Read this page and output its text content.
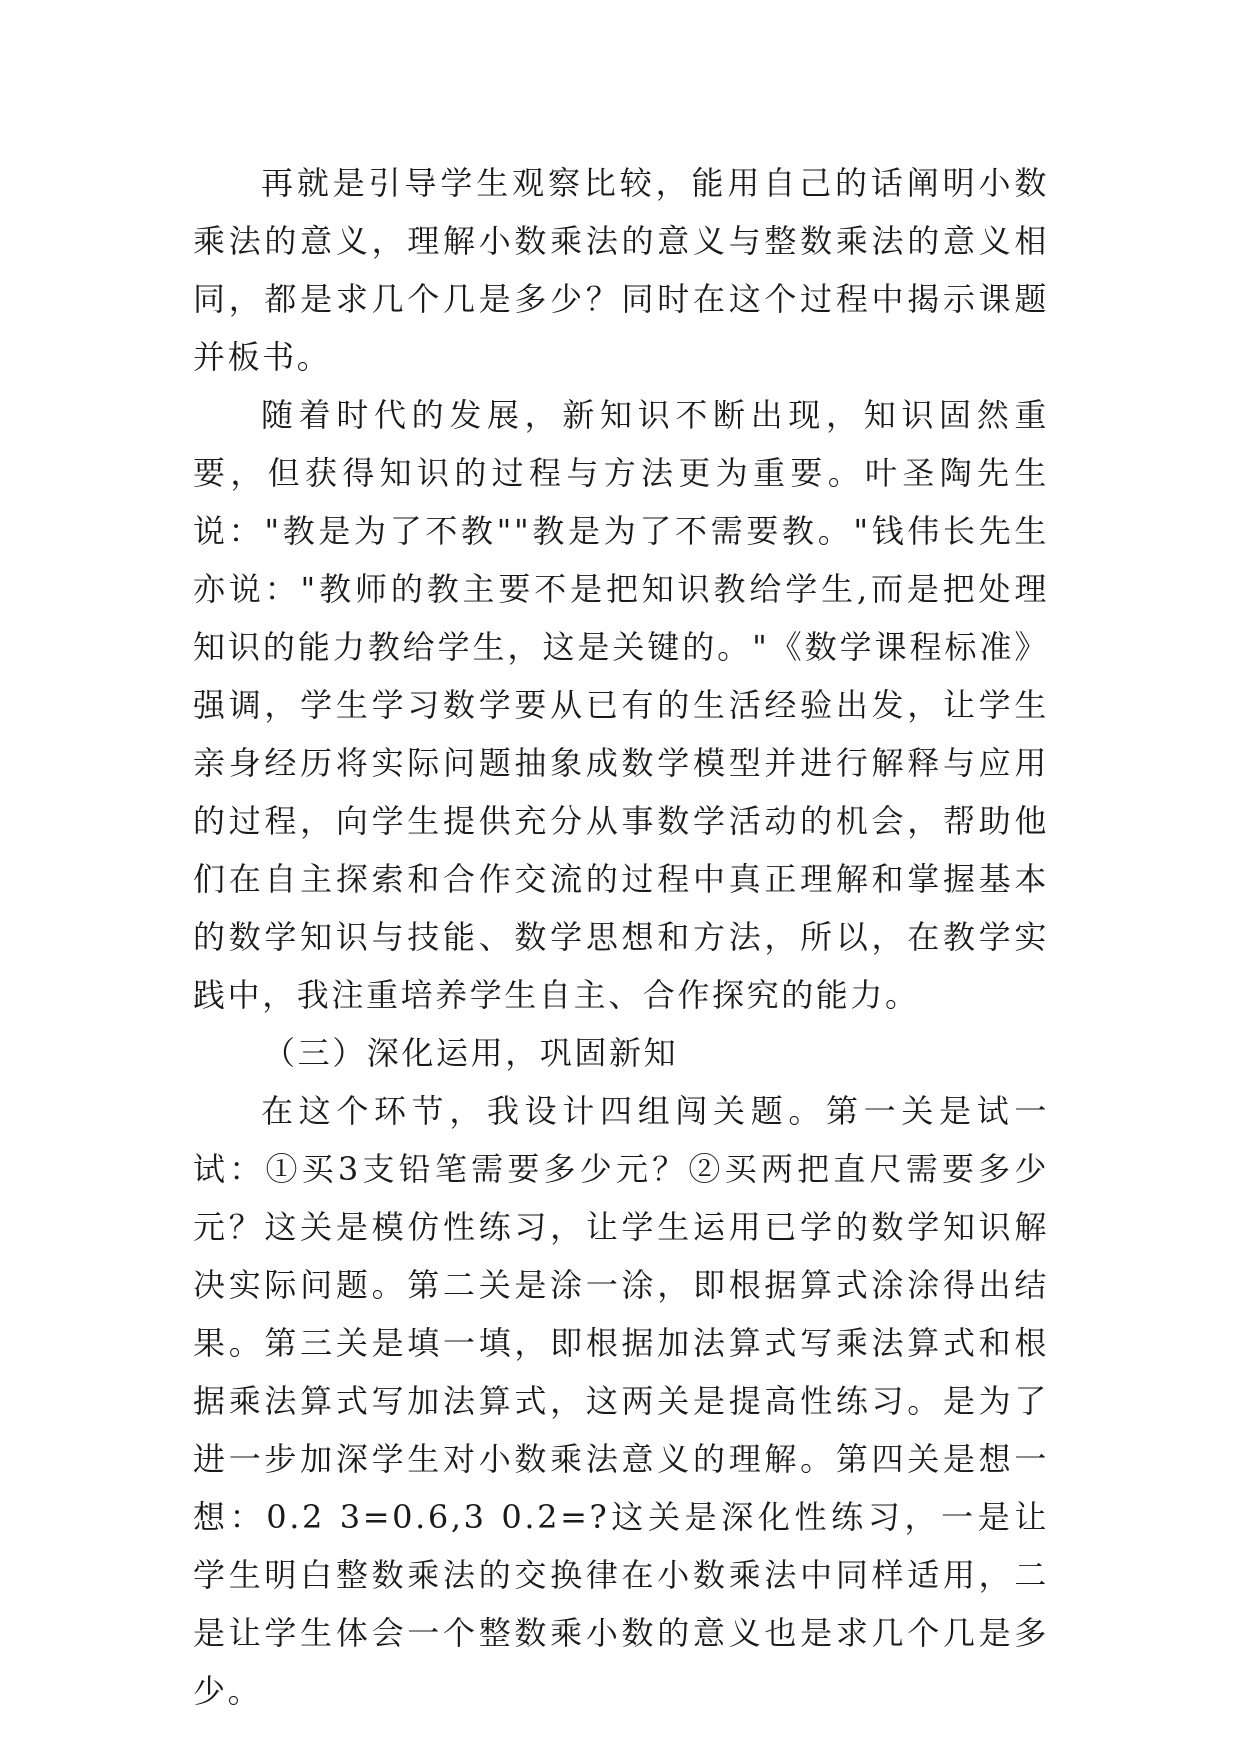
再就是引导学生观察比较，能用自己的话阐明小数乘法的意义，理解小数乘法的意义与整数乘法的意义相同，都是求几个几是多少？同时在这个过程中揭示课题并板书。

随着时代的发展，新知识不断出现，知识固然重要，但获得知识的过程与方法更为重要。叶圣陶先生说："教是为了不教""教是为了不需要教。"钱伟长先生亦说："教师的教主要不是把知识教给学生,而是把处理知识的能力教给学生，这是关键的。"《数学课程标准》强调，学生学习数学要从已有的生活经验出发，让学生亲身经历将实际问题抽象成数学模型并进行解释与应用的过程，向学生提供充分从事数学活动的机会，帮助他们在自主探索和合作交流的过程中真正理解和掌握基本的数学知识与技能、数学思想和方法，所以，在教学实践中，我注重培养学生自主、合作探究的能力。

（三）深化运用，巩固新知

在这个环节，我设计四组闯关题。第一关是试一试：①买3支铅笔需要多少元？②买两把直尺需要多少元？这关是模仿性练习，让学生运用已学的数学知识解决实际问题。第二关是涂一涂，即根据算式涂涂得出结果。第三关是填一填，即根据加法算式写乘法算式和根据乘法算式写加法算式，这两关是提高性练习。是为了进一步加深学生对小数乘法意义的理解。第四关是想一想：0.2 3=0.6,3 0.2=?这关是深化性练习，一是让学生明白整数乘法的交换律在小数乘法中同样适用，二是让学生体会一个整数乘小数的意义也是求几个几是多少。
